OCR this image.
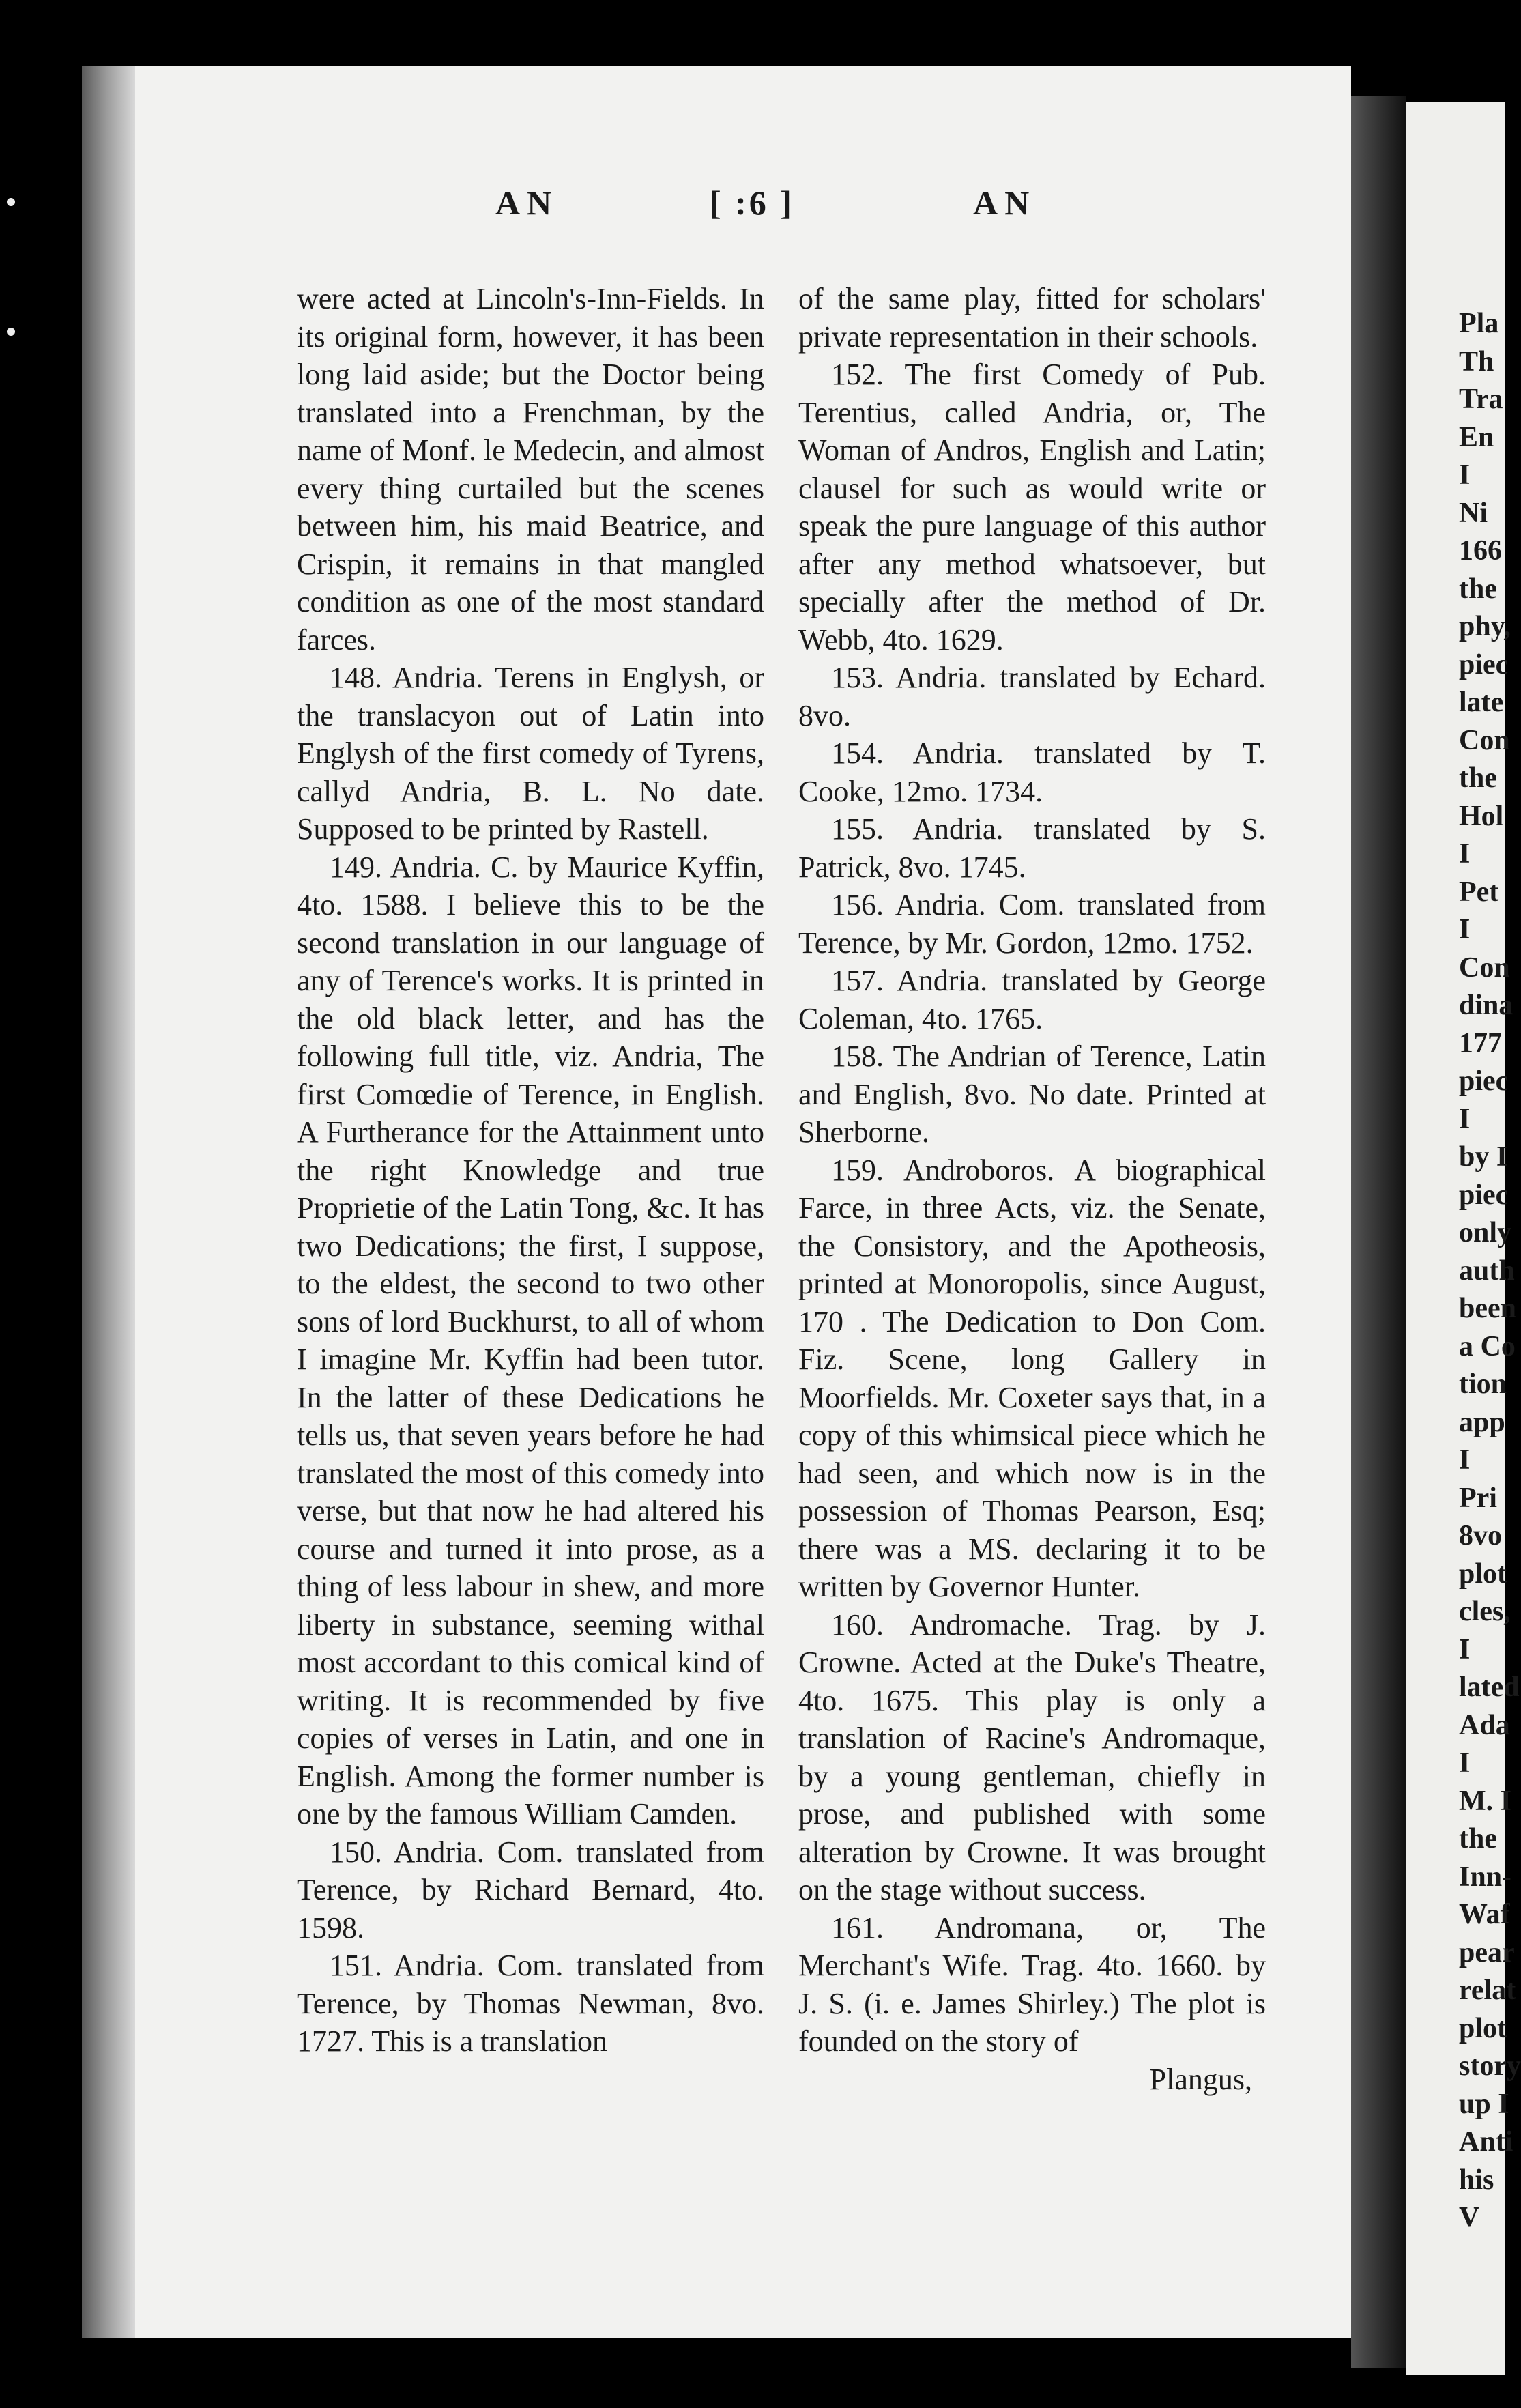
AN	[ :6 ]	AN

were acted at Lincoln's-Inn-Fields. In its original form, however, it has been long laid aside; but the Doctor being translated into a Frenchman, by the name of Monf. le Medecin, and almost every thing curtailed but the scenes between him, his maid Beatrice, and Crispin, it remains in that mangled condition as one of the most standard farces.

148. Andria. Terens in Englysh, or the translacyon out of Latin into Englysh of the first comedy of Tyrens, callyd Andria, B. L. No date. Supposed to be printed by Rastell.

149. Andria. C. by Maurice Kyffin, 4to. 1588. I believe this to be the second translation in our language of any of Terence's works. It is printed in the old black letter, and has the following full title, viz. Andria, The first Comœdie of Terence, in English. A Furtherance for the Attainment unto the right Knowledge and true Proprietie of the Latin Tong, &c. It has two Dedications; the first, I suppose, to the eldest, the second to two other sons of lord Buckhurst, to all of whom I imagine Mr. Kyffin had been tutor. In the latter of these Dedications he tells us, that seven years before he had translated the most of this comedy into verse, but that now he had altered his course and turned it into prose, as a thing of less labour in shew, and more liberty in substance, seeming withal most accordant to this comical kind of writing. It is recommended by five copies of verses in Latin, and one in English. Among the former number is one by the famous William Camden.

150. Andria. Com. translated from Terence, by Richard Bernard, 4to. 1598.

151. Andria. Com. translated from Terence, by Thomas Newman, 8vo. 1727. This is a translation

of the same play, fitted for scholars' private representation in their schools.

152. The first Comedy of Pub. Terentius, called Andria, or, The Woman of Andros, English and Latin; clausel for such as would write or speak the pure language of this author after any method whatsoever, but specially after the method of Dr. Webb, 4to. 1629.

153. Andria. translated by Echard. 8vo.

154. Andria. translated by T. Cooke, 12mo. 1734.

155. Andria. translated by S. Patrick, 8vo. 1745.

156. Andria. Com. translated from Terence, by Mr. Gordon, 12mo. 1752.

157. Andria. translated by George Coleman, 4to. 1765.

158. The Andrian of Terence, Latin and English, 8vo. No date. Printed at Sherborne.

159. Androboros. A biographical Farce, in three Acts, viz. the Senate, the Consistory, and the Apotheosis, printed at Monoropolis, since August, 170 . The Dedication to Don Com. Fiz. Scene, long Gallery in Moorfields. Mr. Coxeter says that, in a copy of this whimsical piece which he had seen, and which now is in the possession of Thomas Pearson, Esq; there was a MS. declaring it to be written by Governor Hunter.

160. Andromache. Trag. by J. Crowne. Acted at the Duke's Theatre, 4to. 1675. This play is only a translation of Racine's Andromaque, by a young gentleman, chiefly in prose, and published with some alteration by Crowne. It was brought on the stage without success.

161. Andromana, or, The Merchant's Wife. Trag. 4to. 1660. by J. S. (i. e. James Shirley.) The plot is founded on the story of

Plangus,

Pla
Th
Tra
En
I
Ni
166
the
phy,
piec
late
Con
the
Hol
I
Pet
I
Con
dina
177
piec
I
by I
piec
only
auth
been
a Co
tion
app
I
Pri
8vo
plot
cles,
I
lated
Ada
I
M. I
the
Inn-
Waf
pear
relat
plot
story
up I
Anti
his
V
